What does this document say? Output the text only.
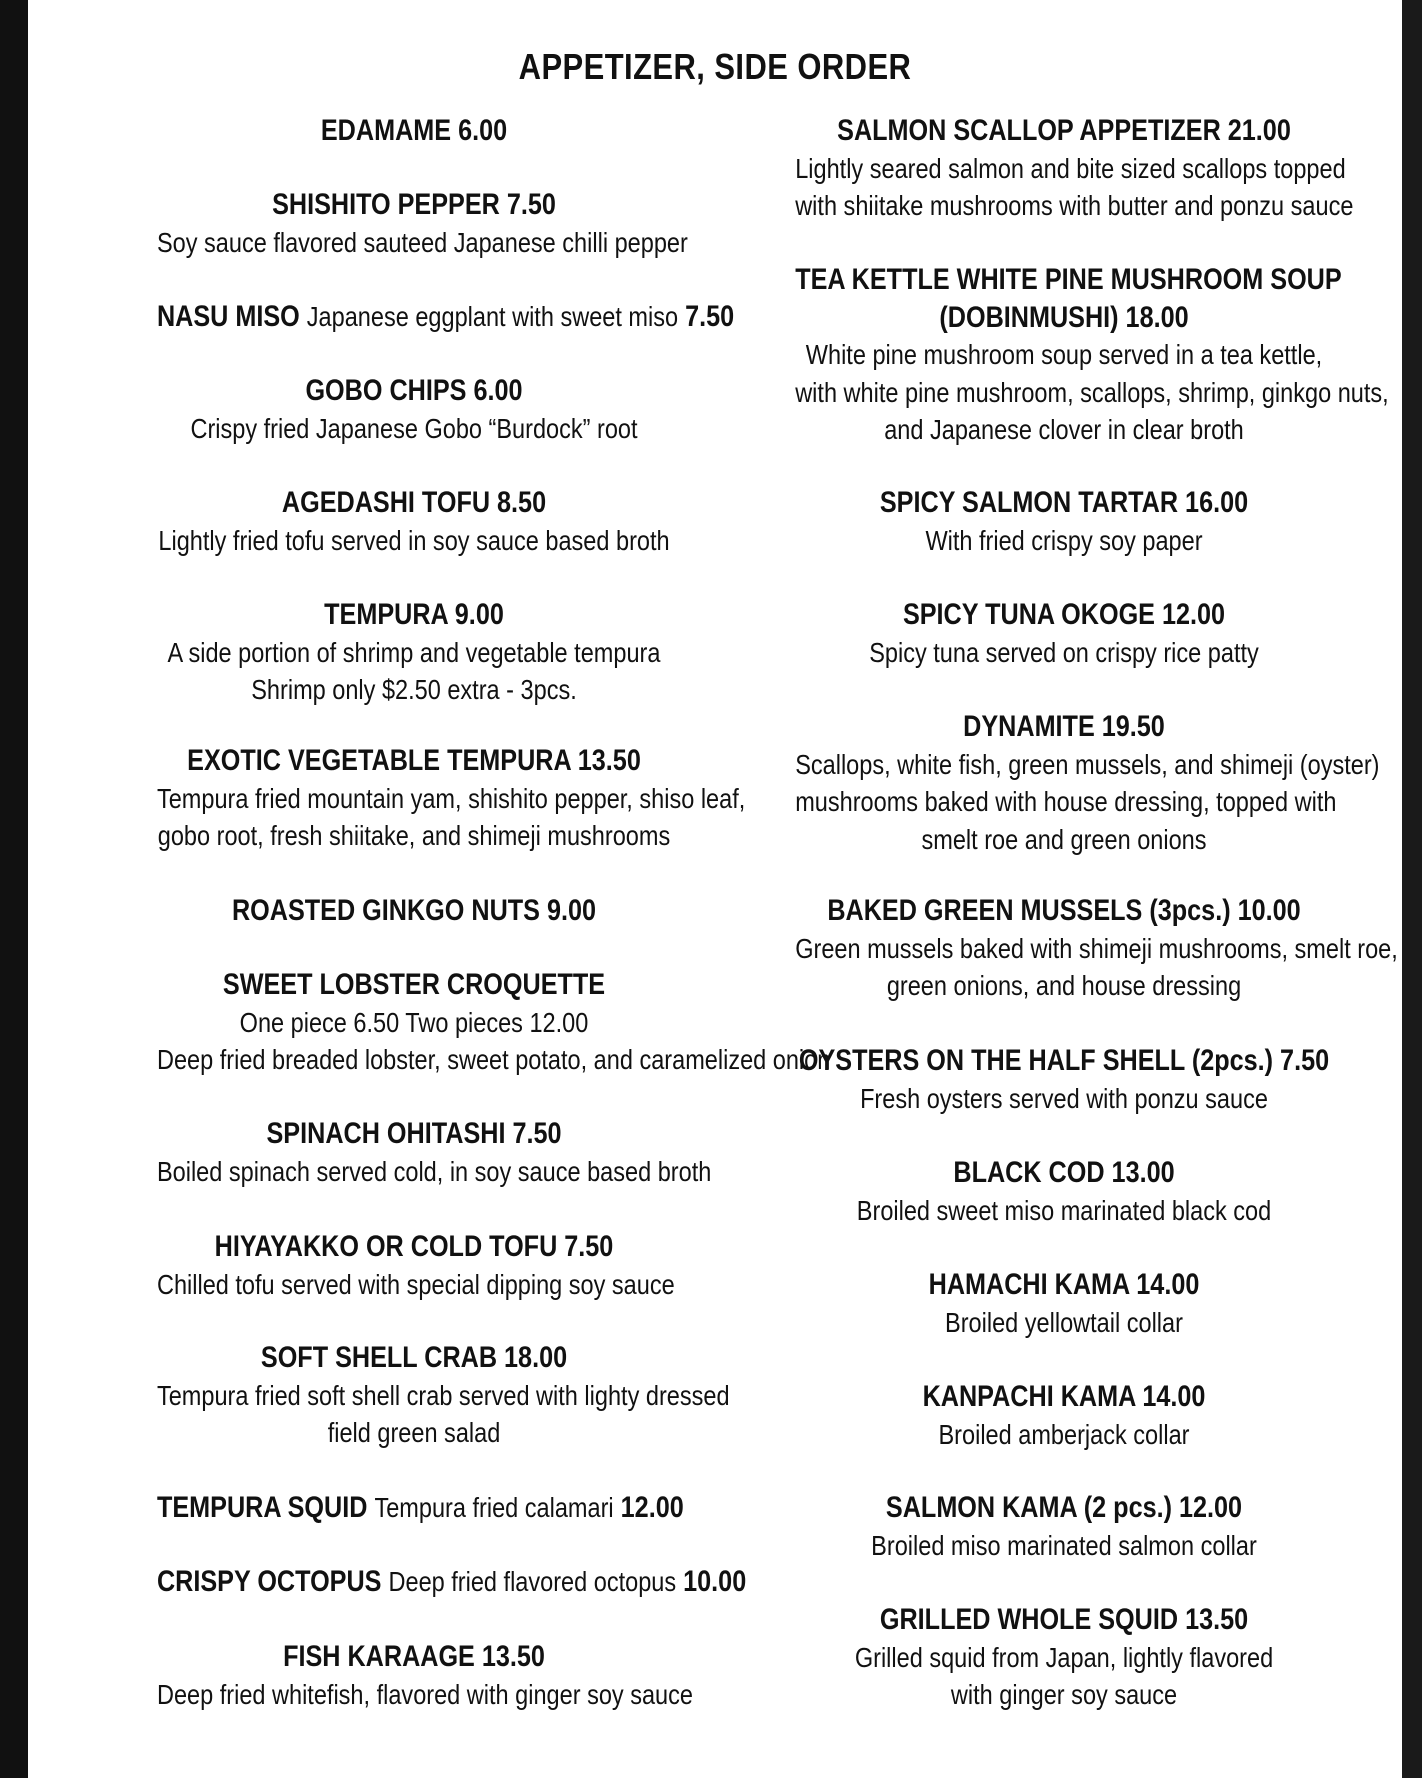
APPETIZER, SIDE ORDER
EDAMAME 6.00
SHISHITO PEPPER 7.50
Soy sauce flavored sauteed Japanese chilli pepper
NASU MISO Japanese eggplant with sweet miso 7.50
GOBO CHIPS 6.00
Crispy fried Japanese Gobo “Burdock” root
AGEDASHI TOFU 8.50
Lightly fried tofu served in soy sauce based broth
TEMPURA 9.00
A side portion of shrimp and vegetable tempura
Shrimp only $2.50 extra - 3pcs.
EXOTIC VEGETABLE TEMPURA 13.50
Tempura fried mountain yam, shishito pepper, shiso leaf,
gobo root, fresh shiitake, and shimeji mushrooms
ROASTED GINKGO NUTS 9.00
SWEET LOBSTER CROQUETTE
One piece 6.50 Two pieces 12.00
Deep fried breaded lobster, sweet potato, and caramelized onion
SPINACH OHITASHI 7.50
Boiled spinach served cold, in soy sauce based broth
HIYAYAKKO OR COLD TOFU 7.50
Chilled tofu served with special dipping soy sauce
SOFT SHELL CRAB 18.00
Tempura fried soft shell crab served with lighty dressed
field green salad
TEMPURA SQUID Tempura fried calamari 12.00
CRISPY OCTOPUS Deep fried flavored octopus 10.00
FISH KARAAGE 13.50
Deep fried whitefish, flavored with ginger soy sauce
SALMON SCALLOP APPETIZER 21.00
Lightly seared salmon and bite sized scallops topped
with shiitake mushrooms with butter and ponzu sauce
TEA KETTLE WHITE PINE MUSHROOM SOUP
(DOBINMUSHI) 18.00
White pine mushroom soup served in a tea kettle,
with white pine mushroom, scallops, shrimp, ginkgo nuts,
and Japanese clover in clear broth
SPICY SALMON TARTAR 16.00
With fried crispy soy paper
SPICY TUNA OKOGE 12.00
Spicy tuna served on crispy rice patty
DYNAMITE 19.50
Scallops, white fish, green mussels, and shimeji (oyster)
mushrooms baked with house dressing, topped with
smelt roe and green onions
BAKED GREEN MUSSELS (3pcs.) 10.00
Green mussels baked with shimeji mushrooms, smelt roe,
green onions, and house dressing
OYSTERS ON THE HALF SHELL (2pcs.) 7.50
Fresh oysters served with ponzu sauce
BLACK COD 13.00
Broiled sweet miso marinated black cod
HAMACHI KAMA 14.00
Broiled yellowtail collar
KANPACHI KAMA 14.00
Broiled amberjack collar
SALMON KAMA (2 pcs.) 12.00
Broiled miso marinated salmon collar
GRILLED WHOLE SQUID 13.50
Grilled squid from Japan, lightly flavored
with ginger soy sauce
